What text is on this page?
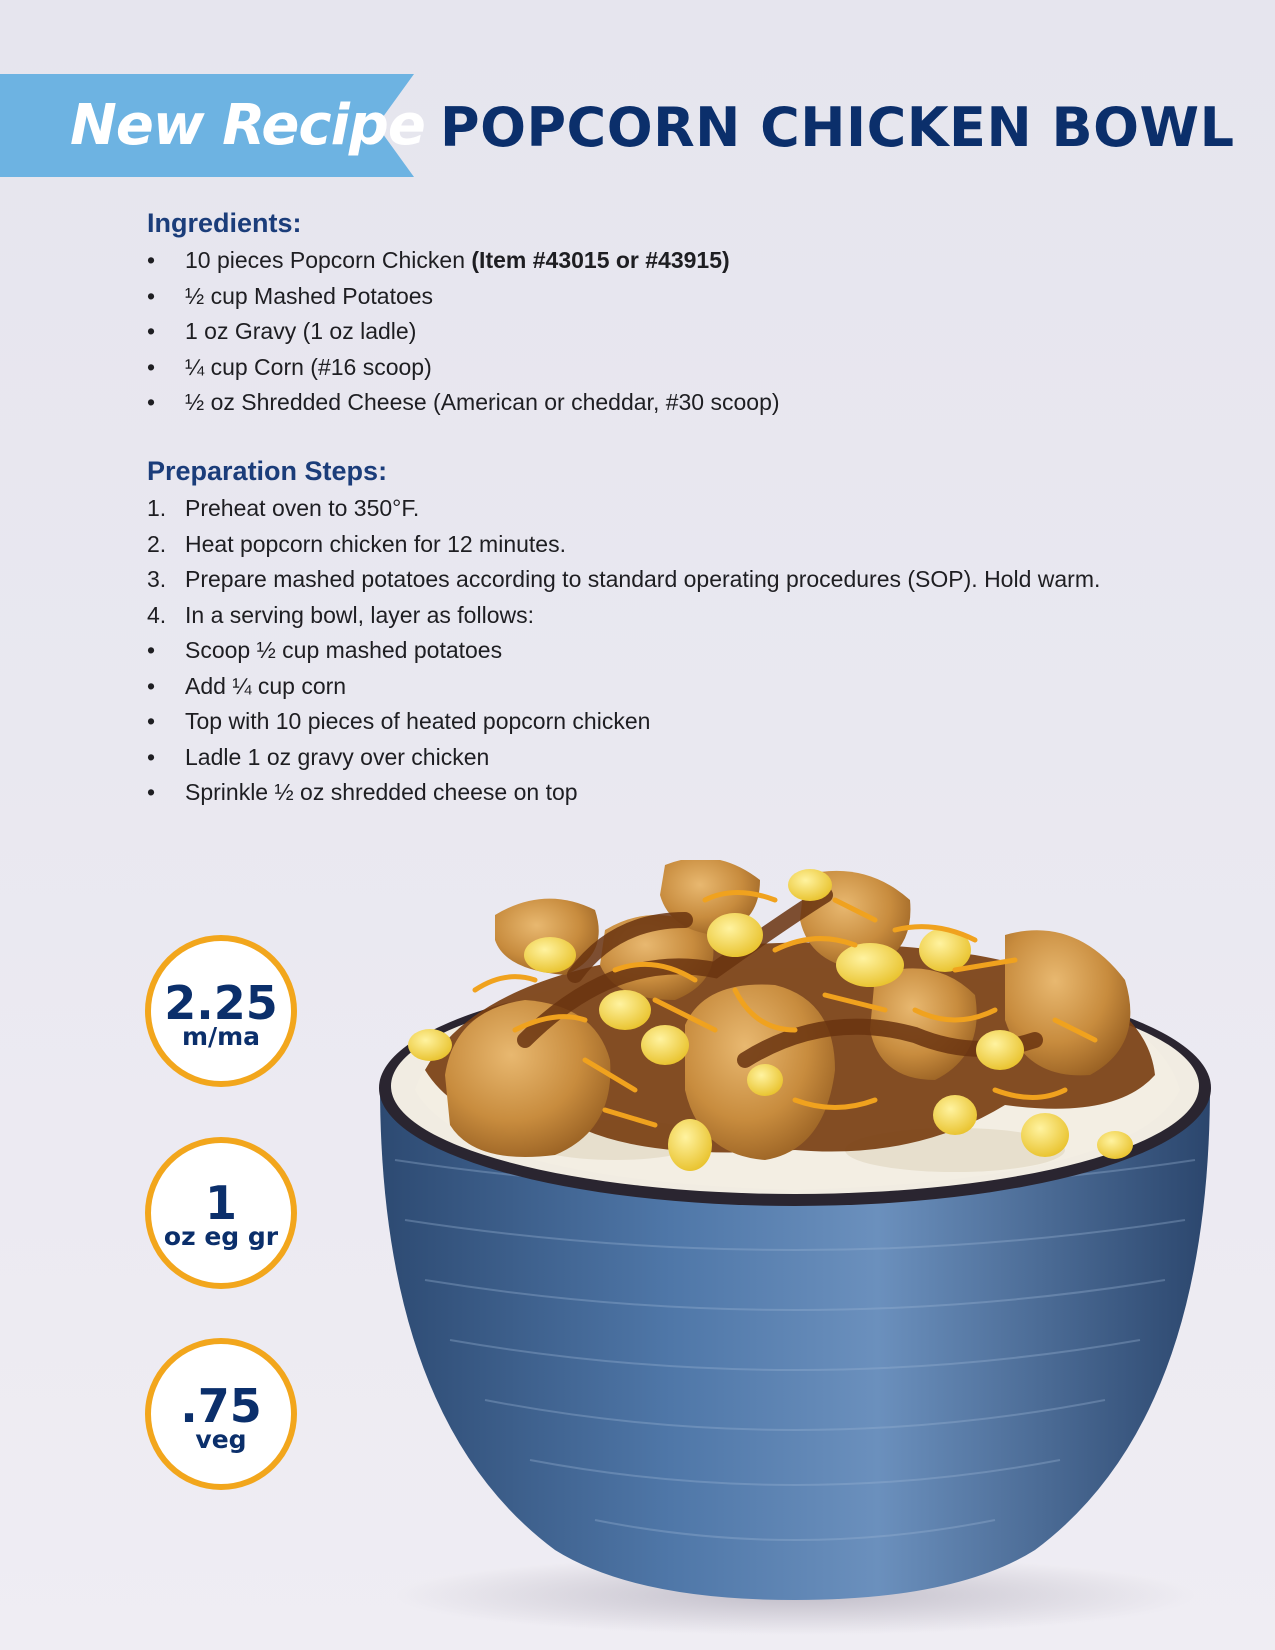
New Recipe POPCORN CHICKEN BOWL
Ingredients:
•	10 pieces Popcorn Chicken (Item #43015 or #43915)
•	½ cup Mashed Potatoes
•	1 oz Gravy (1 oz ladle)
•	¼ cup Corn (#16 scoop)
•	½ oz Shredded Cheese (American or cheddar, #30 scoop)
Preparation Steps:
1. Preheat oven to 350°F.
2. Heat popcorn chicken for 12 minutes.
3. Prepare mashed potatoes according to standard operating procedures (SOP). Hold warm.
4. In a serving bowl, layer as follows:
•	Scoop ½ cup mashed potatoes
•	Add ¼ cup corn
•	Top with 10 pieces of heated popcorn chicken
•	Ladle 1 oz gravy over chicken
•	Sprinkle ½ oz shredded cheese on top
2.25
m/ma
1
oz eg gr
.75
veg
